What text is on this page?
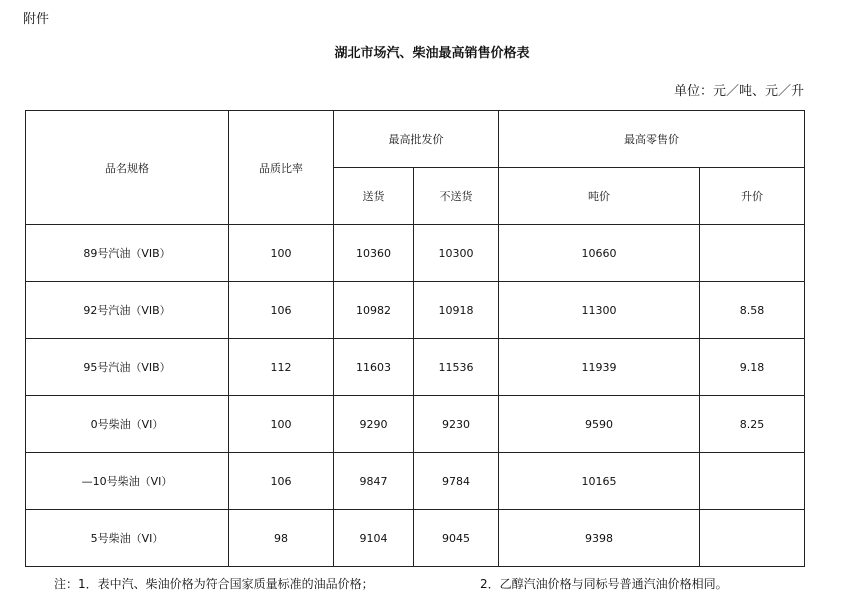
附件
湖北市场汽、柴油最高销售价格表
单位：元／吨、元／升
品名规格	品质比率	最高批发价		最高零售价	
		送货	不送货	吨价	升价
89号汽油（VIB）	100	10360	10300	10660	
92号汽油（VIB）	106	10982	10918	11300	8.58
95号汽油（VIB）	112	11603	11536	11939	9.18
0号柴油（VI）	100	9290	9230	9590	8.25
—10号柴油（VI）	106	9847	9784	10165	
5号柴油（VI）	98	9104	9045	9398	
注：1．表中汽、柴油价格为符合国家质量标准的油品价格；	2．乙醇汽油价格与同标号普通汽油价格相同。
